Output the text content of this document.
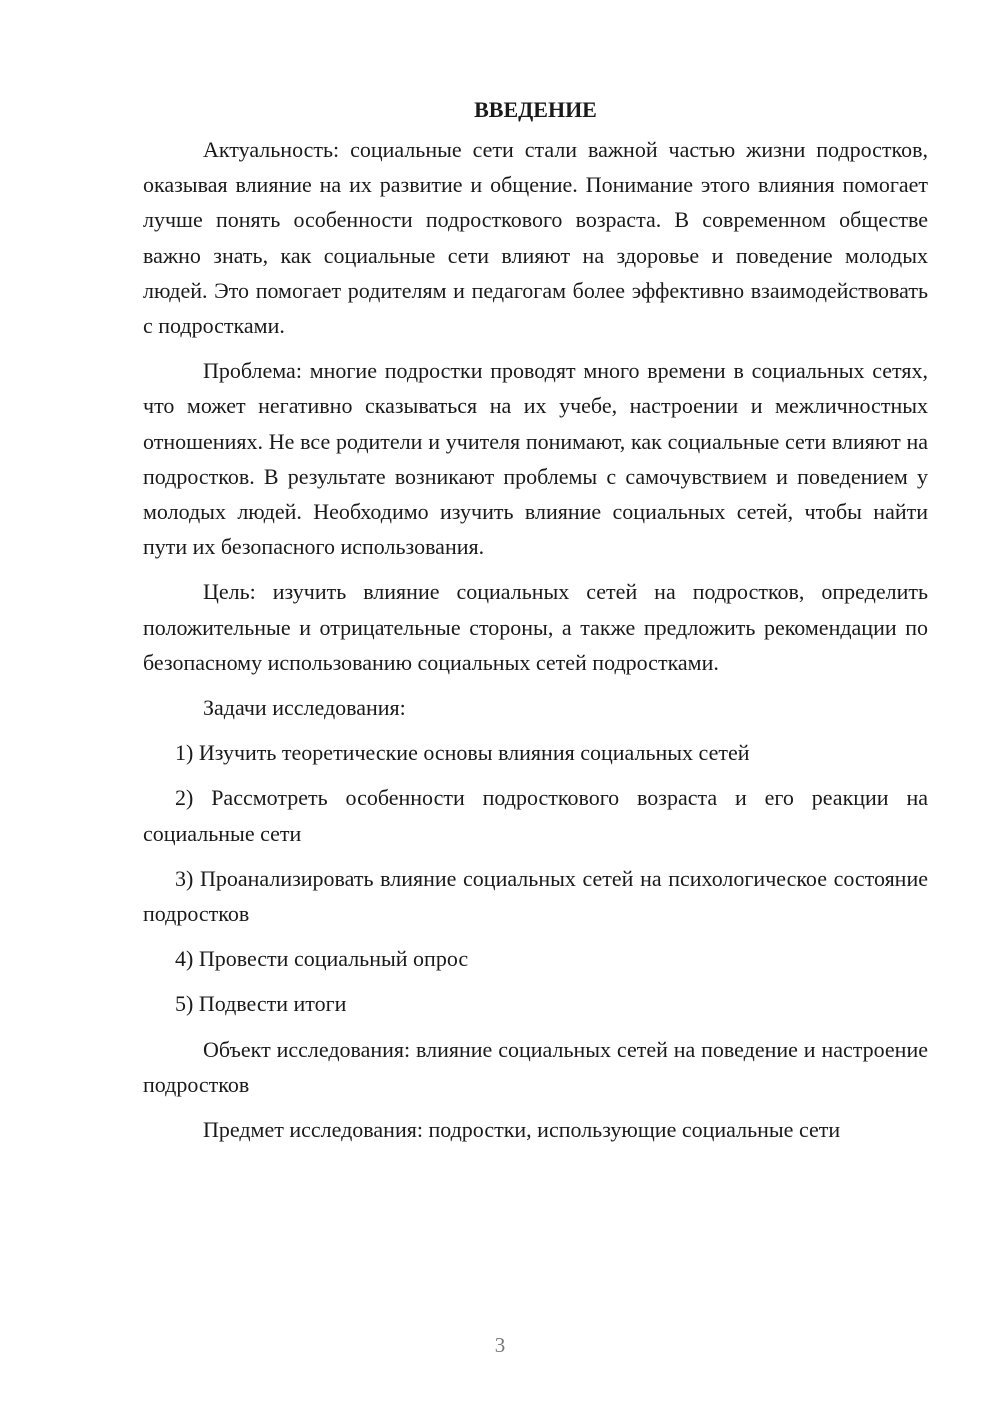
ВВЕДЕНИЕ

Актуальность: социальные сети стали важной частью жизни подростков, оказывая влияние на их развитие и общение. Понимание этого влияния помогает лучше понять особенности подросткового возраста. В современном обществе важно знать, как социальные сети влияют на здоровье и поведение молодых людей. Это помогает родителям и педагогам более эффективно взаимодействовать с подростками.

Проблема: многие подростки проводят много времени в социальных сетях, что может негативно сказываться на их учебе, настроении и межличностных отношениях. Не все родители и учителя понимают, как социальные сети влияют на подростков. В результате возникают проблемы с самочувствием и поведением у молодых людей. Необходимо изучить влияние социальных сетей, чтобы найти пути их безопасного использования.

Цель: изучить влияние социальных сетей на подростков, определить положительные и отрицательные стороны, а также предложить рекомендации по безопасному использованию социальных сетей подростками.

Задачи исследования:

1) Изучить теоретические основы влияния социальных сетей

2) Рассмотреть особенности подросткового возраста и его реакции на социальные сети

3) Проанализировать влияние социальных сетей на психологическое состояние подростков

4) Провести социальный опрос

5) Подвести итоги

Объект исследования: влияние социальных сетей на поведение и настроение подростков

Предмет исследования: подростки, использующие социальные сети

3
